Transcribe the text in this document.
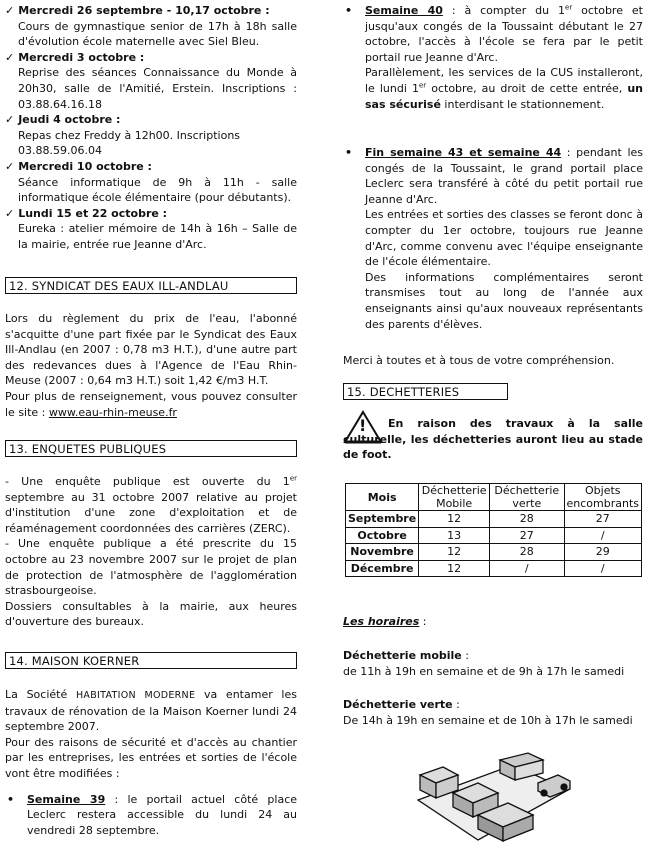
✓ Mercredi 26 septembre - 10,17 octobre :
Cours de gymnastique senior de 17h à 18h salle d'évolution école maternelle avec Siel Bleu.
✓ Mercredi 3 octobre :
Reprise des séances Connaissance du Monde à 20h30, salle de l'Amitié, Erstein. Inscriptions : 03.88.64.16.18
✓ Jeudi 4 octobre :
Repas chez Freddy à 12h00. Inscriptions 03.88.59.06.04
✓ Mercredi 10 octobre :
Séance informatique de 9h à 11h - salle informatique école élémentaire (pour débutants).
✓ Lundi 15 et 22 octobre :
Eureka : atelier mémoire de 14h à 16h – Salle de la mairie, entrée rue Jeanne d'Arc.
12. SYNDICAT DES EAUX ILL-ANDLAU

Lors du règlement du prix de l'eau, l'abonné s'acquitte d'une part fixée par le Syndicat des Eaux Ill-Andlau (en 2007 : 0,78 m3 H.T.), d'une autre part des redevances dues à l'Agence de l'Eau Rhin-Meuse (2007 : 0,64 m3 H.T.) soit 1,42 €/m3 H.T.

Pour plus de renseignement, vous pouvez consulter le site : www.eau-rhin-meuse.fr

13. ENQUETES PUBLIQUES

- Une enquête publique est ouverte du 1er septembre au 31 octobre 2007 relative au projet d'institution d'une zone d'exploitation et de réaménagement coordonnées des carrières (ZERC).

- Une enquête publique a été prescrite du 15 octobre au 23 novembre 2007 sur le projet de plan de protection de l'atmosphère de l'agglomération strasbourgeoise.

Dossiers consultables à la mairie, aux heures d'ouverture des bureaux.

14. MAISON KOERNER

La Société HABITATION MODERNE va entamer les travaux de rénovation de la Maison Koerner lundi 24 septembre 2007.

Pour des raisons de sécurité et d'accès au chantier par les entreprises, les entrées et sorties de l'école vont être modifiées :

• Semaine 39 : le portail actuel côté place Leclerc restera accessible du lundi 24 au vendredi 28 septembre.
• Semaine 40 : à compter du 1er octobre et jusqu'aux congés de la Toussaint débutant le 27 octobre, l'accès à l'école se fera par le petit portail rue Jeanne d'Arc.

Parallèlement, les services de la CUS installeront, le lundi 1er octobre, au droit de cette entrée, un sas sécurisé interdisant le stationnement.

• Fin semaine 43 et semaine 44 : pendant les congés de la Toussaint, le grand portail place Leclerc sera transféré à côté du petit portail rue Jeanne d'Arc.

Les entrées et sorties des classes se feront donc à compter du 1er octobre, toujours rue Jeanne d'Arc, comme convenu avec l'équipe enseignante de l'école élémentaire.

Des informations complémentaires seront transmises tout au long de l'année aux enseignants ainsi qu'aux nouveaux représentants des parents d'élèves.

Merci à toutes et à tous de votre compréhension.

15. DECHETTERIES
!	En raison des travaux à la salle culturelle, les déchetteries auront lieu au stade de foot.

Mois	Déchetterie Mobile	Déchetterie verte	Objets encombrants
Septembre	12	28	27
Octobre	13	27	/
Novembre	12	28	29
Décembre	12	/	/

Les horaires :

Déchetterie mobile :

de 11h à 19h en semaine et de 9h à 17h le samedi

Déchetterie verte :

De 14h à 19h en semaine et de 10h à 17h le samedi
